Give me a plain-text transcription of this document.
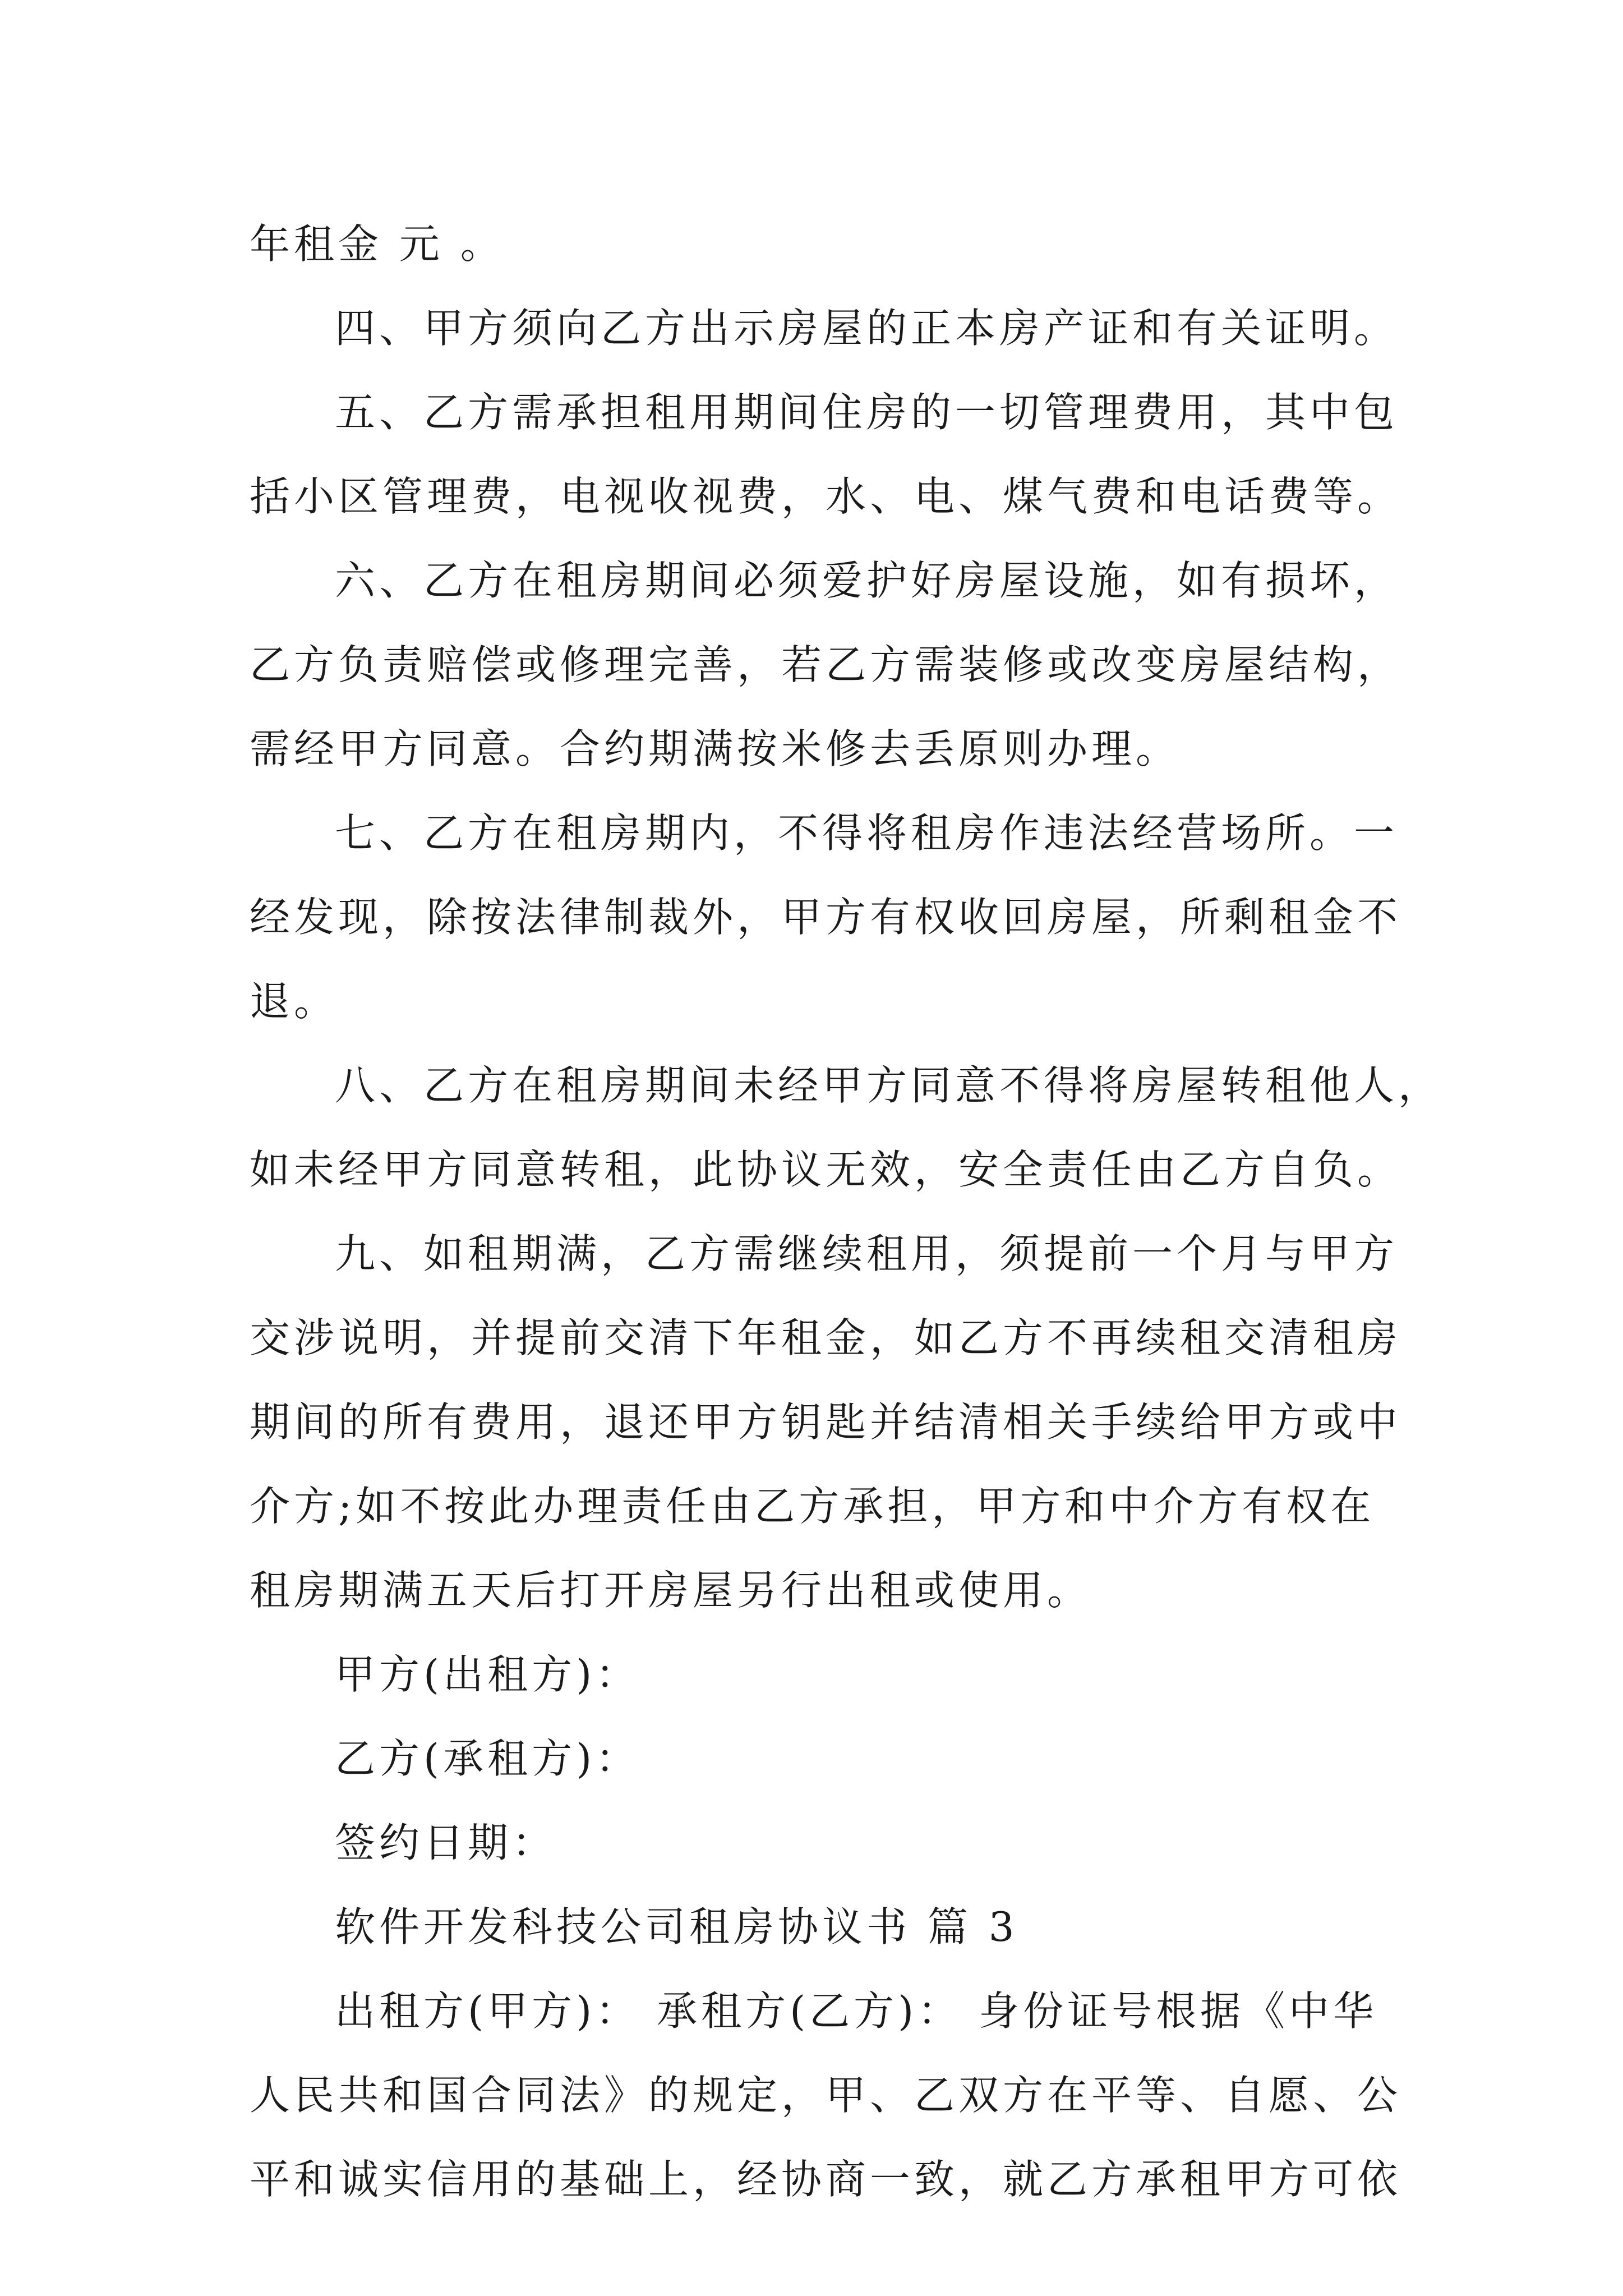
年租金 元 。
四、甲方须向乙方出示房屋的正本房产证和有关证明。
五、乙方需承担租用期间住房的一切管理费用，其中包
括小区管理费，电视收视费，水、电、煤气费和电话费等。
六、乙方在租房期间必须爱护好房屋设施，如有损坏，
乙方负责赔偿或修理完善，若乙方需装修或改变房屋结构，
需经甲方同意。合约期满按米修去丢原则办理。
七、乙方在租房期内，不得将租房作违法经营场所。一
经发现，除按法律制裁外，甲方有权收回房屋，所剩租金不
退。
八、乙方在租房期间未经甲方同意不得将房屋转租他人，
如未经甲方同意转租，此协议无效，安全责任由乙方自负。
九、如租期满，乙方需继续租用，须提前一个月与甲方
交涉说明，并提前交清下年租金，如乙方不再续租交清租房
期间的所有费用，退还甲方钥匙并结清相关手续给甲方或中
介方;如不按此办理责任由乙方承担，甲方和中介方有权在
租房期满五天后打开房屋另行出租或使用。
甲方(出租方)：
乙方(承租方)：
签约日期：
软件开发科技公司租房协议书 篇 3
出租方(甲方)： 承租方(乙方)： 身份证号根据《中华
人民共和国合同法》的规定，甲、乙双方在平等、自愿、公
平和诚实信用的基础上，经协商一致，就乙方承租甲方可依
